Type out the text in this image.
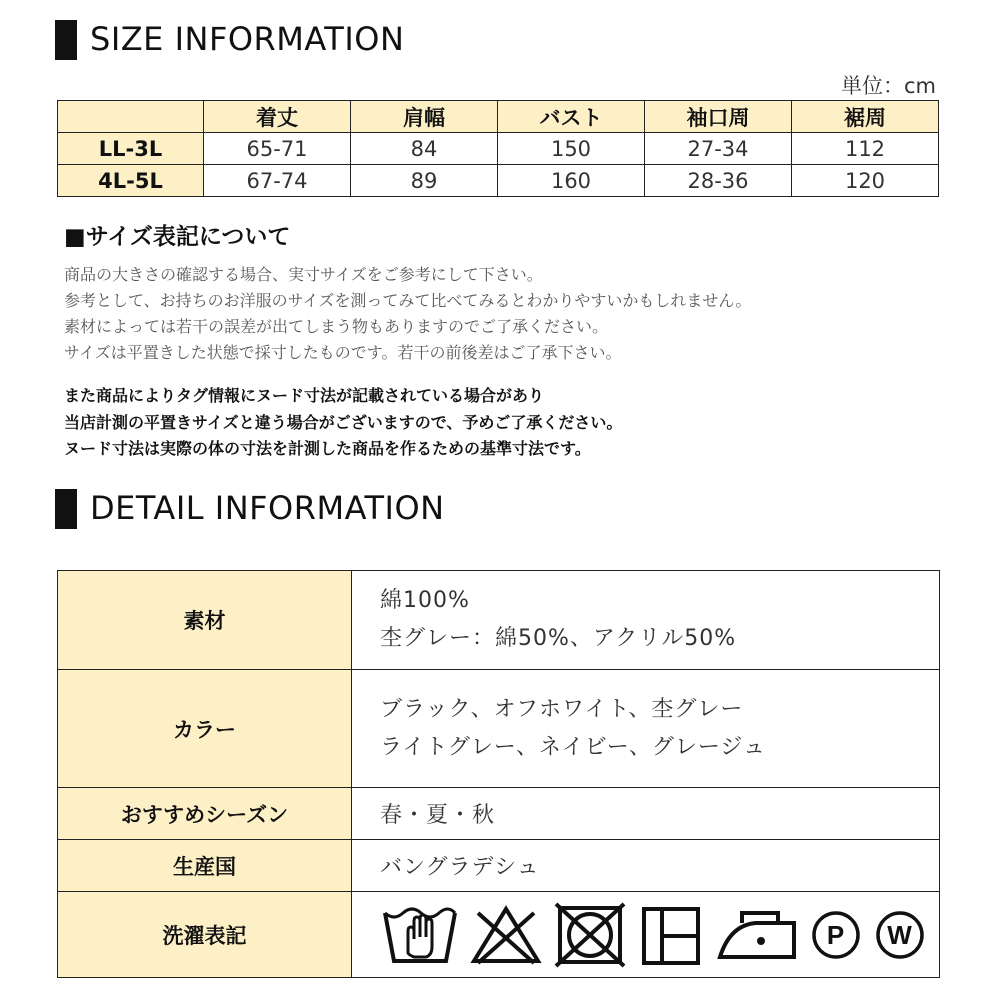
SIZE INFORMATION
単位：cm
	着丈	肩幅	バスト	袖口周	裾周
LL-3L	65-71	84	150	27-34	112
4L-5L	67-74	89	160	28-36	120
■サイズ表記について
商品の大きさの確認する場合、実寸サイズをご参考にして下さい。
参考として、お持ちのお洋服のサイズを測ってみて比べてみるとわかりやすいかもしれません。
素材によっては若干の誤差が出てしまう物もありますのでご了承ください。
サイズは平置きした状態で採寸したものです。若干の前後差はご了承下さい。
また商品によりタグ情報にヌード寸法が記載されている場合があり
当店計測の平置きサイズと違う場合がございますので、予めご了承ください。
ヌード寸法は実際の体の寸法を計測した商品を作るための基準寸法です。
DETAIL INFORMATION
素材	綿100%
杢グレー：綿50%、アクリル50%

カラー	ブラック、オフホワイト、杢グレー
ライトグレー、ネイビー、グレージュ

おすすめシーズン	春・夏・秋
生産国	バングラデシュ
洗濯表記	P W
